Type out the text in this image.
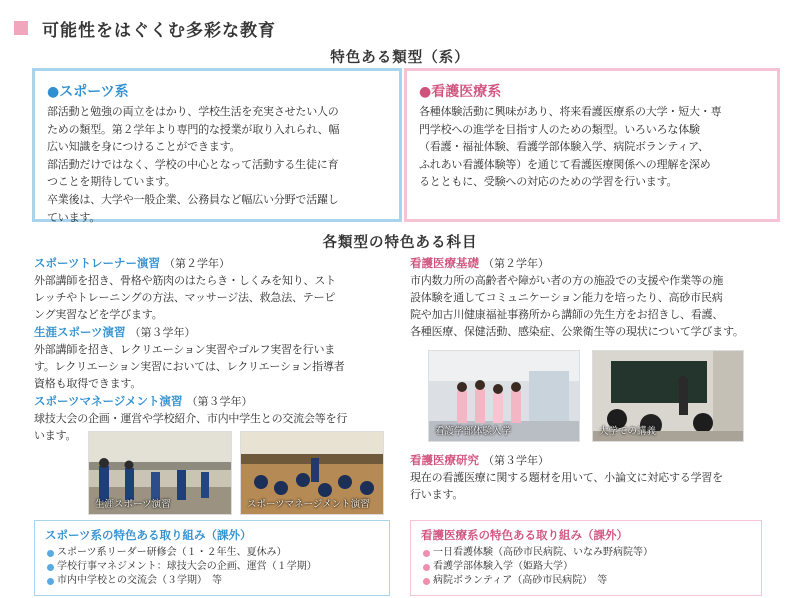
可能性をはぐくむ多彩な教育
特色ある類型（系）
●スポーツ系
部活動と勉強の両立をはかり、学校生活を充実させたい人の
ための類型。第２学年より専門的な授業が取り入れられ、幅
広い知識を身につけることができます。
部活動だけではなく、学校の中心となって活動する生徒に育
つことを期待しています。
卒業後は、大学や一般企業、公務員など幅広い分野で活躍し
ています。
●看護医療系
各種体験活動に興味があり、将来看護医療系の大学・短大・専
門学校への進学を目指す人のための類型。いろいろな体験
（看護・福祉体験、看護学部体験入学、病院ボランティア、
ふれあい看護体験等）を通じて看護医療関係への理解を深め
るとともに、受験への対応のための学習を行います。
各類型の特色ある科目
スポーツトレーナー演習 （第２学年）
外部講師を招き、骨格や筋肉のはたらき・しくみを知り、スト
レッチやトレーニングの方法、マッサージ法、救急法、テーピ
ング実習などを学びます。
生涯スポーツ演習 （第３学年）
外部講師を招き、レクリエーション実習やゴルフ実習を行いま
す。レクリエーション実習においては、レクリエーション指導者
資格も取得できます。
スポーツマネージメント演習 （第３学年）
球技大会の企画・運営や学校紹介、市内中学生との交流会等を行
います。
生涯スポーツ演習	スポーツマネージメント演習
看護医療基礎 （第２学年）
市内数力所の高齢者や障がい者の方の施設での支援や作業等の施
設体験を通してコミュニケーション能力を培ったり、高砂市民病
院や加古川健康福祉事務所から講師の先生方をお招きし、看護、
各種医療、保健活動、感染症、公衆衛生等の現状について学びます。
看護医療研究 （第３学年）
現在の看護医療に関する題材を用いて、小論文に対応する学習を
行います。
看護学部体験入学	大学での講義
スポーツ系の特色ある取り組み（課外）
スポーツ系リーダー研修会（１・２年生、夏休み）
学校行事マネジメント：球技大会の企画、運営（１学期）
市内中学校との交流会（３学期）　等
看護医療系の特色ある取り組み（課外）
一日看護体験（高砂市民病院、いなみ野病院等）
看護学部体験入学（姫路大学）
病院ボランティア（高砂市民病院）　等
